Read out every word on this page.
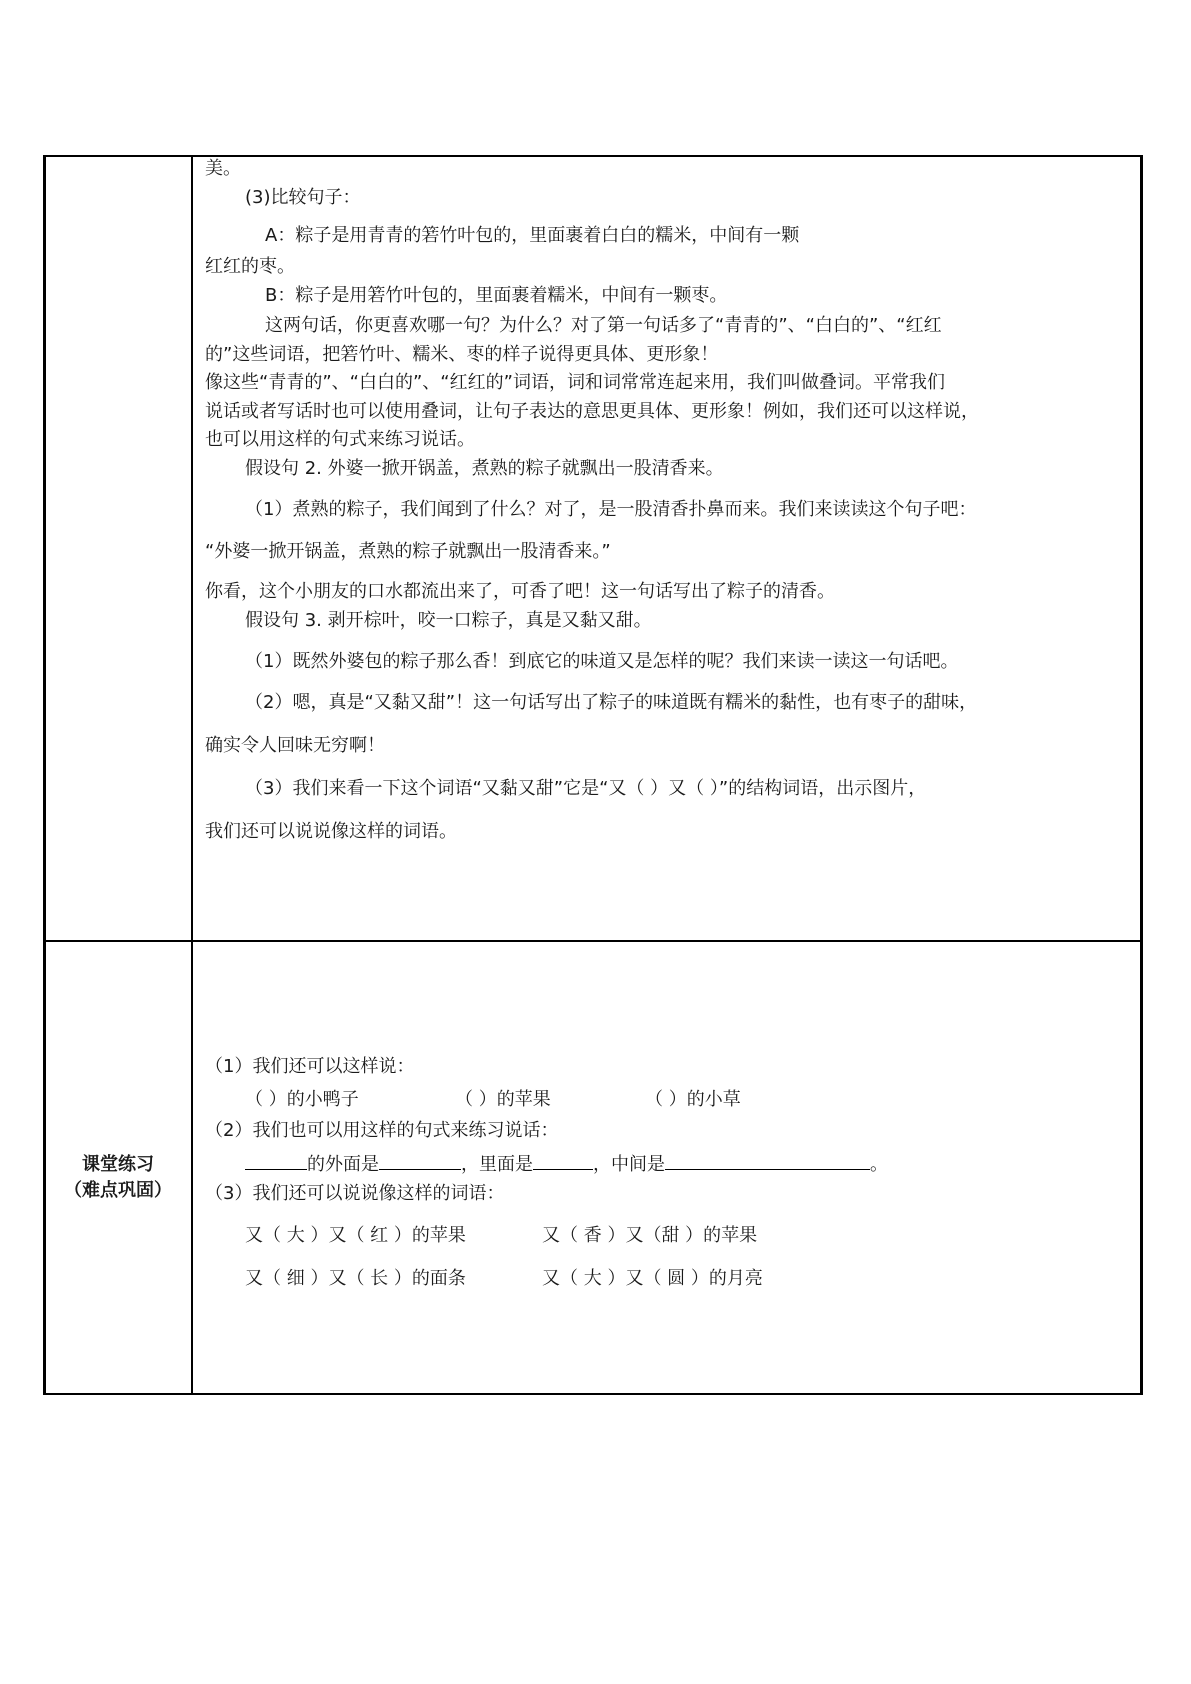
美。
(3)比较句子：
A：粽子是用青青的箬竹叶包的，里面裹着白白的糯米，中间有一颗
红红的枣。
B：粽子是用箬竹叶包的，里面裹着糯米，中间有一颗枣。
这两句话，你更喜欢哪一句？为什么？对了第一句话多了“青青的”、“白白的”、“红红
的”这些词语，把箬竹叶、糯米、枣的样子说得更具体、更形象！
像这些“青青的”、“白白的”、“红红的”词语，词和词常常连起来用，我们叫做叠词。平常我们
说话或者写话时也可以使用叠词，让句子表达的意思更具体、更形象！例如，我们还可以这样说，
也可以用这样的句式来练习说话。
假设句 2. 外婆一掀开锅盖，煮熟的粽子就飘出一股清香来。
（1）煮熟的粽子，我们闻到了什么？对了，是一股清香扑鼻而来。我们来读读这个句子吧：
“外婆一掀开锅盖，煮熟的粽子就飘出一股清香来。”
你看，这个小朋友的口水都流出来了，可香了吧！这一句话写出了粽子的清香。
假设句 3. 剥开棕叶，咬一口粽子，真是又黏又甜。
（1）既然外婆包的粽子那么香！到底它的味道又是怎样的呢？我们来读一读这一句话吧。
（2）嗯，真是“又黏又甜”！这一句话写出了粽子的味道既有糯米的黏性，也有枣子的甜味，
确实令人回味无穷啊！
（3）我们来看一下这个词语“又黏又甜”它是“又（ ）又（ ）”的结构词语，出示图片，
我们还可以说说像这样的词语。
课堂练习
（难点巩固）
（1）我们还可以这样说：
（ ）的小鸭子	（ ）的苹果	（ ）的小草
（2）我们也可以用这样的句式来练习说话：
的外面是	，里面是	，中间是	。
（3）我们还可以说说像这样的词语：
又（ 大 ）又（ 红 ）的苹果	又（ 香 ）又（甜 ）的苹果
又（ 细 ）又（ 长 ）的面条	又（ 大 ）又（ 圆 ）的月亮
